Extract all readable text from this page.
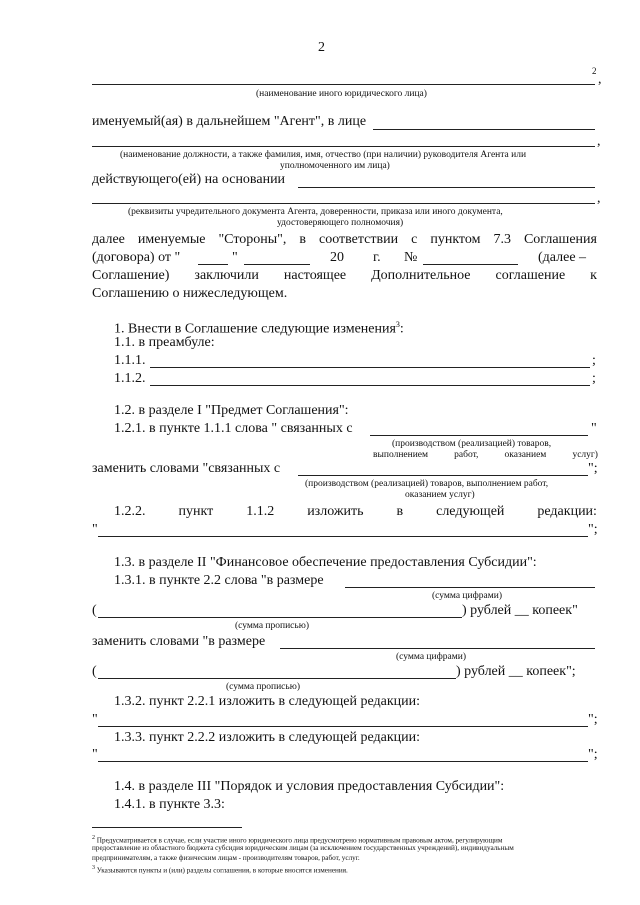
2
2
,
(наименование иного юридического лица)
именуемый(ая) в дальнейшем "Агент", в лице
,
(наименование должности, а также фамилия, имя, отчество (при наличии) руководителя Агента или
уполномоченного им лица)
действующего(ей) на основании
,
(реквизиты учредительного документа Агента, доверенности, приказа или иного документа,
удостоверяющего полномочия)
далее именуемые "Стороны", в соответствии с пунктом 7.3 Соглашения
(договора) от "	"	20 г. №	(далее –
Соглашение) заключили настоящее Дополнительное соглашение к
Соглашению о нижеследующем.
1. Внести в Соглашение следующие изменения$^3$:
1.1. в преамбуле:
1.1.1.	;
1.1.2.	;
1.2. в разделе I "Предмет Соглашения":
1.2.1. в пункте 1.1.1 слова " связанных с	"
(производством (реализацией) товаров,
выполнением	работ,	оказанием	услуг)
заменить словами "связанных с	";
(производством (реализацией) товаров, выполнением работ,
оказанием услуг)
1.2.2. пункт 1.1.2 изложить в следующей редакции:
"	";
1.3. в разделе II "Финансовое обеспечение предоставления Субсидии":
1.3.1. в пункте 2.2 слова "в размере
(сумма цифрами)
(	) рублей __ копеек"
(сумма прописью)
заменить словами "в размере
(сумма цифрами)
(	) рублей __ копеек";
(сумма прописью)
1.3.2. пункт 2.2.1 изложить в следующей редакции:
"	";
1.3.3. пункт 2.2.2 изложить в следующей редакции:
"	";
1.4. в разделе III "Порядок и условия предоставления Субсидии":
1.4.1. в пункте 3.3:
$^2$ Предусматривается в случае, если участие иного юридического лица предусмотрено нормативным правовым актом, регулирующим
предоставление из областного бюджета субсидия юридическим лицам (за исключением государственных учреждений), индивидуальным
предпринимателям, а также физическим лицам - производителям товаров, работ, услуг.
$^3$ Указываются пункты и (или) разделы соглашения, в которые вносятся изменения.
